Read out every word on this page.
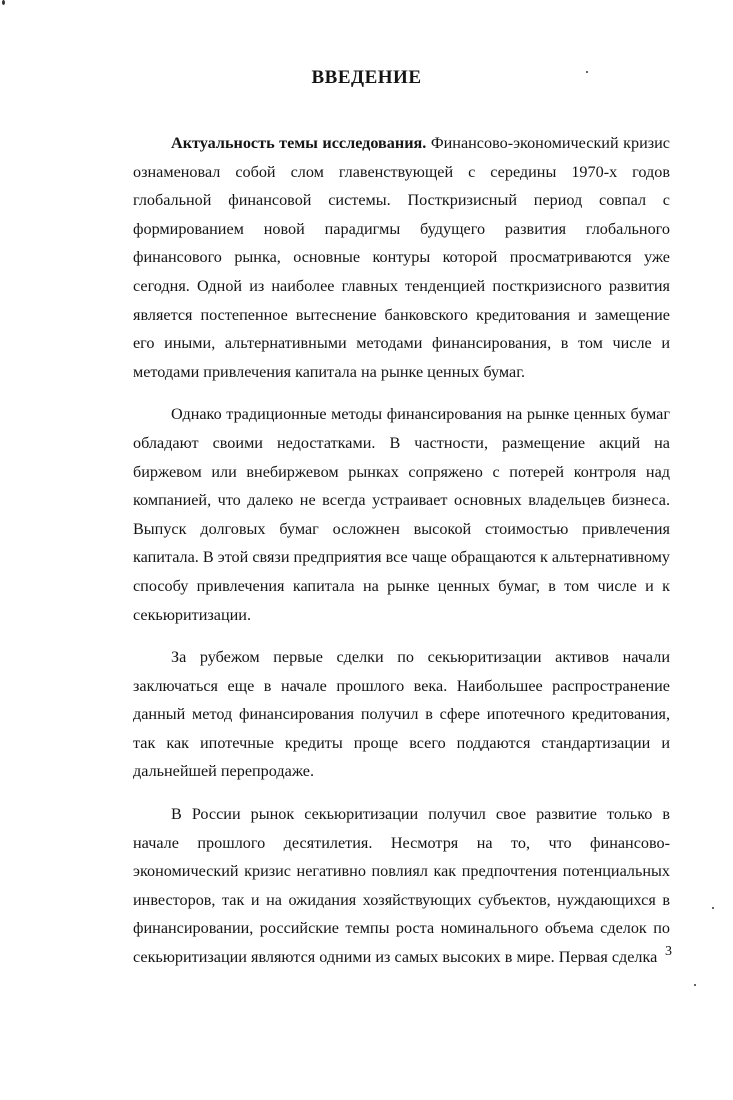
ВВЕДЕНИЕ

Актуальность темы исследования. Финансово-экономический кризис ознаменовал собой слом главенствующей с середины 1970-х годов глобальной финансовой системы. Посткризисный период совпал с формированием новой парадигмы будущего развития глобального финансового рынка, основные контуры которой просматриваются уже сегодня. Одной из наиболее главных тенденцией посткризисного развития является постепенное вытеснение банковского кредитования и замещение его иными, альтернативными методами финансирования, в том числе и методами привлечения капитала на рынке ценных бумаг.

Однако традиционные методы финансирования на рынке ценных бумаг обладают своими недостатками. В частности, размещение акций на биржевом или внебиржевом рынках сопряжено с потерей контроля над компанией, что далеко не всегда устраивает основных владельцев бизнеса. Выпуск долговых бумаг осложнен высокой стоимостью привлечения капитала. В этой связи предприятия все чаще обращаются к альтернативному способу привлечения капитала на рынке ценных бумаг, в том числе и к секьюритизации.

За рубежом первые сделки по секьюритизации активов начали заключаться еще в начале прошлого века. Наибольшее распространение данный метод финансирования получил в сфере ипотечного кредитования, так как ипотечные кредиты проще всего поддаются стандартизации и дальнейшей перепродаже.

В России рынок секьюритизации получил свое развитие только в начале прошлого десятилетия. Несмотря на то, что финансово-экономический кризис негативно повлиял как предпочтения потенциальных инвесторов, так и на ожидания хозяйствующих субъектов, нуждающихся в финансировании, российские темпы роста номинального объема сделок по секьюритизации являются одними из самых высоких в мире. Первая сделка 3
